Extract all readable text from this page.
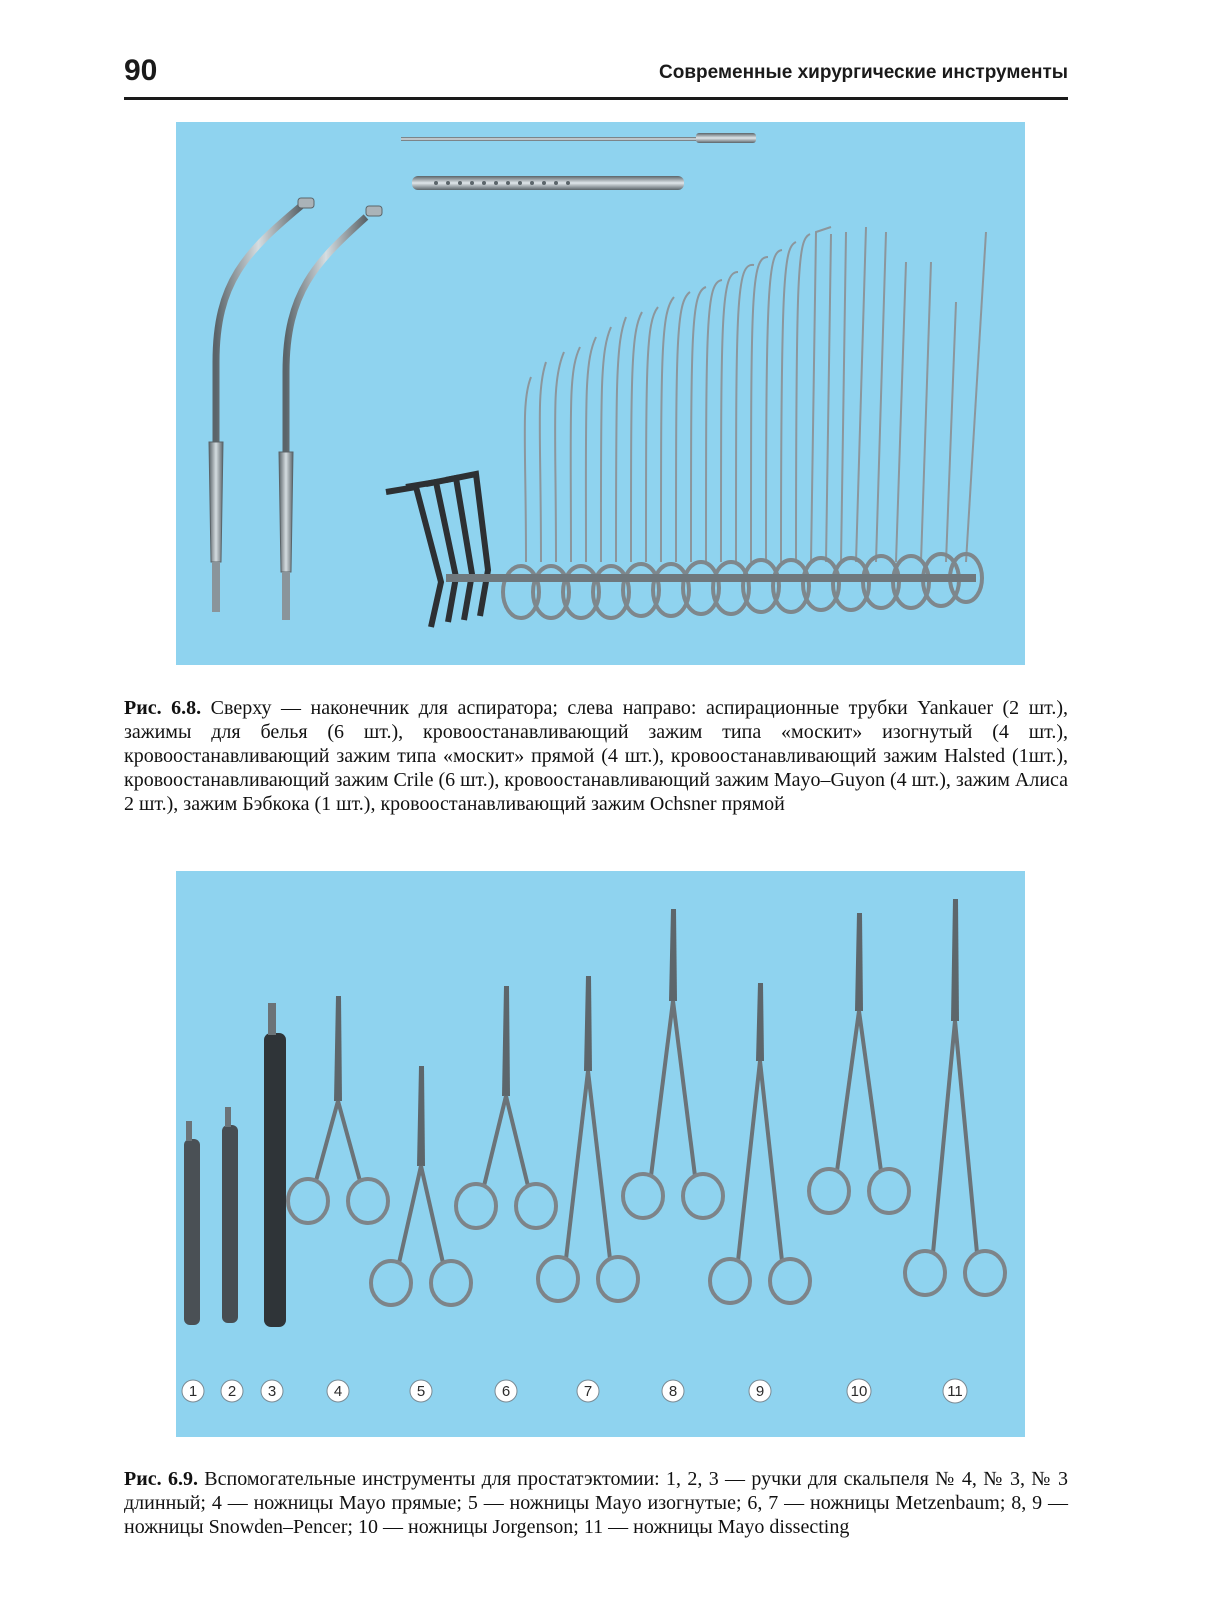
90	Современные хирургические инструменты
Рис. 6.8. Сверху — наконечник для аспиратора; слева направо: аспирационные трубки Yankauer (2 шт.), зажимы для белья (6 шт.), кровоостанавливающий зажим типа «москит» изогнутый (4 шт.), кровоостанавливающий зажим типа «москит» прямой (4 шт.), кровоостанавливающий зажим Halsted (1шт.), кровоостанавливающий зажим Crile (6 шт.), кровоостанавливающий зажим Mayo–Guyon (4 шт.), зажим Алиса 2 шт.), зажим Бэбкока (1 шт.), кровоостанавливающий зажим Ochsner прямой
1 2 3	4	5	6	7	8	9	10	11
Рис. 6.9. Вспомогательные инструменты для простатэктомии: 1, 2, 3 — ручки для скальпеля № 4, № 3, № 3 длинный; 4 — ножницы Mayo прямые; 5 — ножницы Mayo изогнутые; 6, 7 — ножницы Metzenbaum; 8, 9 — ножницы Snowden–Pencer; 10 — ножницы Jorgenson; 11 — ножницы Mayo dissecting
